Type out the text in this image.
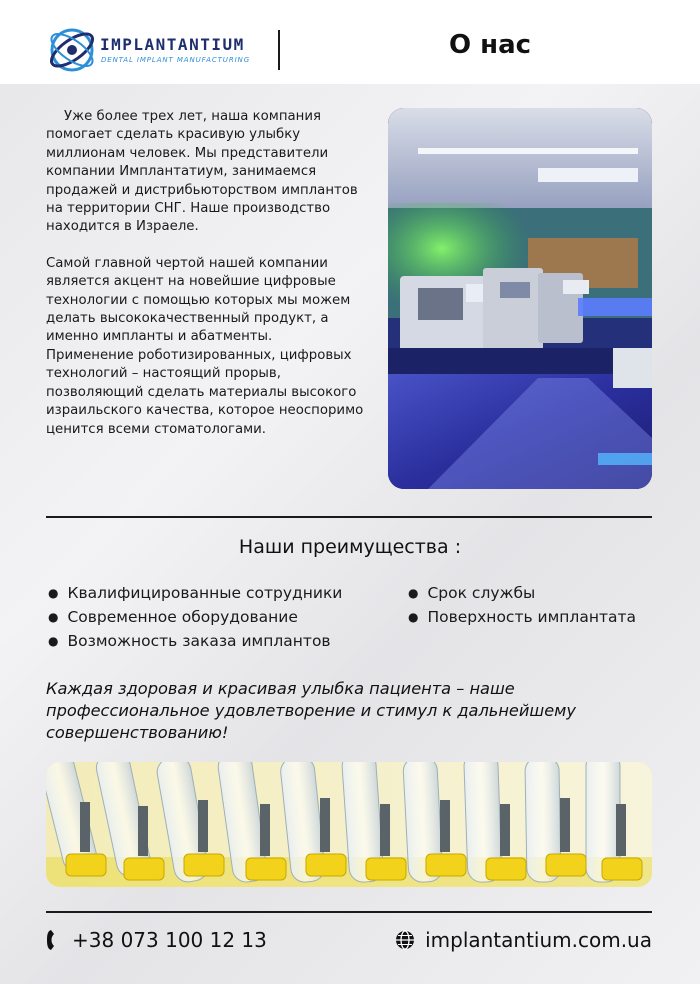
IMPLANTANTIUM
DENTAL IMPLANT MANUFACTURING	О нас

Уже более трех лет, наша компания помогает сделать красивую улыбку миллионам человек. Мы представители компании Имплантатиум, занимаемся продажей и дистрибьюторством имплантов на территории СНГ. Наше производство находится в Израеле.

Самой главной чертой нашей компании является акцент на новейшие цифровые технологии с помощью которых мы можем делать высококачественный продукт, а именно импланты и абатменты. Применение роботизированных, цифровых технологий – настоящий прорыв, позволяющий сделать материалы высокого израильского качества, которое неоспоримо ценится всеми стоматологами.

Наши преимущества :
● Квалифицированные сотрудники
● Современное оборудование
● Возможность заказа имплантов
● Срок службы
● Поверхность имплантата
Каждая здоровая и красивая улыбка пациента – наше профессиональное удовлетворение и стимул к дальнейшему совершенствованию!
+38 073 100 12 13	implantantium.com.ua
